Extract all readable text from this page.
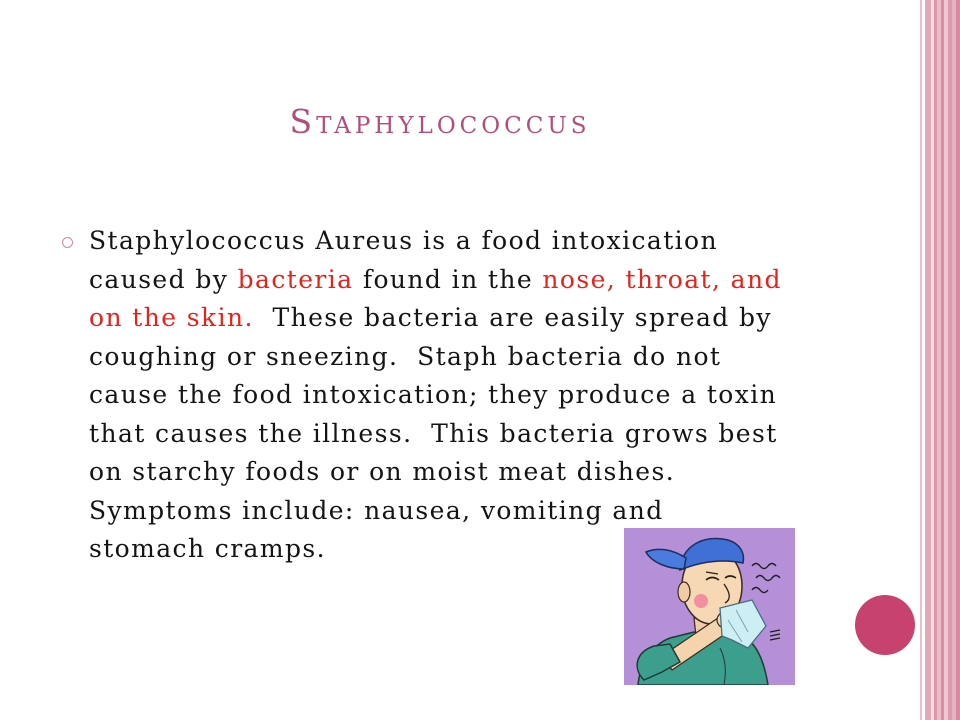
Staphylococcus
Staphylococcus Aureus is a food intoxication
caused by bacteria found in the nose, throat, and
on the skin.  These bacteria are easily spread by
coughing or sneezing.  Staph bacteria do not
cause the food intoxication; they produce a toxin
that causes the illness.  This bacteria grows best
on starchy foods or on moist meat dishes.
Symptoms include: nausea, vomiting and
stomach cramps.
